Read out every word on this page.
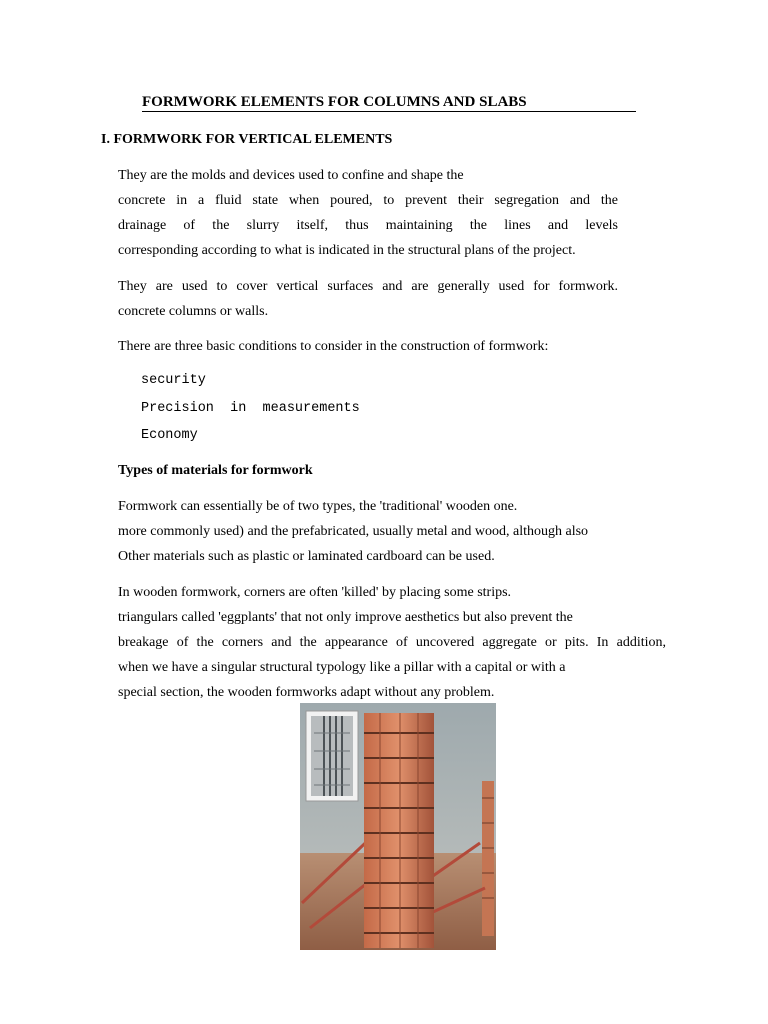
FORMWORK ELEMENTS FOR COLUMNS AND SLABS
I. FORMWORK FOR VERTICAL ELEMENTS

They are the molds and devices used to confine and shape the
concrete in a fluid state when poured, to prevent their segregation and the
drainage of the slurry itself, thus maintaining the lines and levels
corresponding according to what is indicated in the structural plans of the project.

They are used to cover vertical surfaces and are generally used for formwork.
concrete columns or walls.

There are three basic conditions to consider in the construction of formwork:

security
Precision  in  measurements
Economy
Types of materials for formwork

Formwork can essentially be of two types, the 'traditional' wooden one.
more commonly used) and the prefabricated, usually metal and wood, although also
Other materials such as plastic or laminated cardboard can be used.

In wooden formwork, corners are often 'killed' by placing some strips.
triangulars called 'eggplants' that not only improve aesthetics but also prevent the
breakage of the corners and the appearance of uncovered aggregate or pits. In addition,
when we have a singular structural typology like a pillar with a capital or with a
special section, the wooden formworks adapt without any problem.
